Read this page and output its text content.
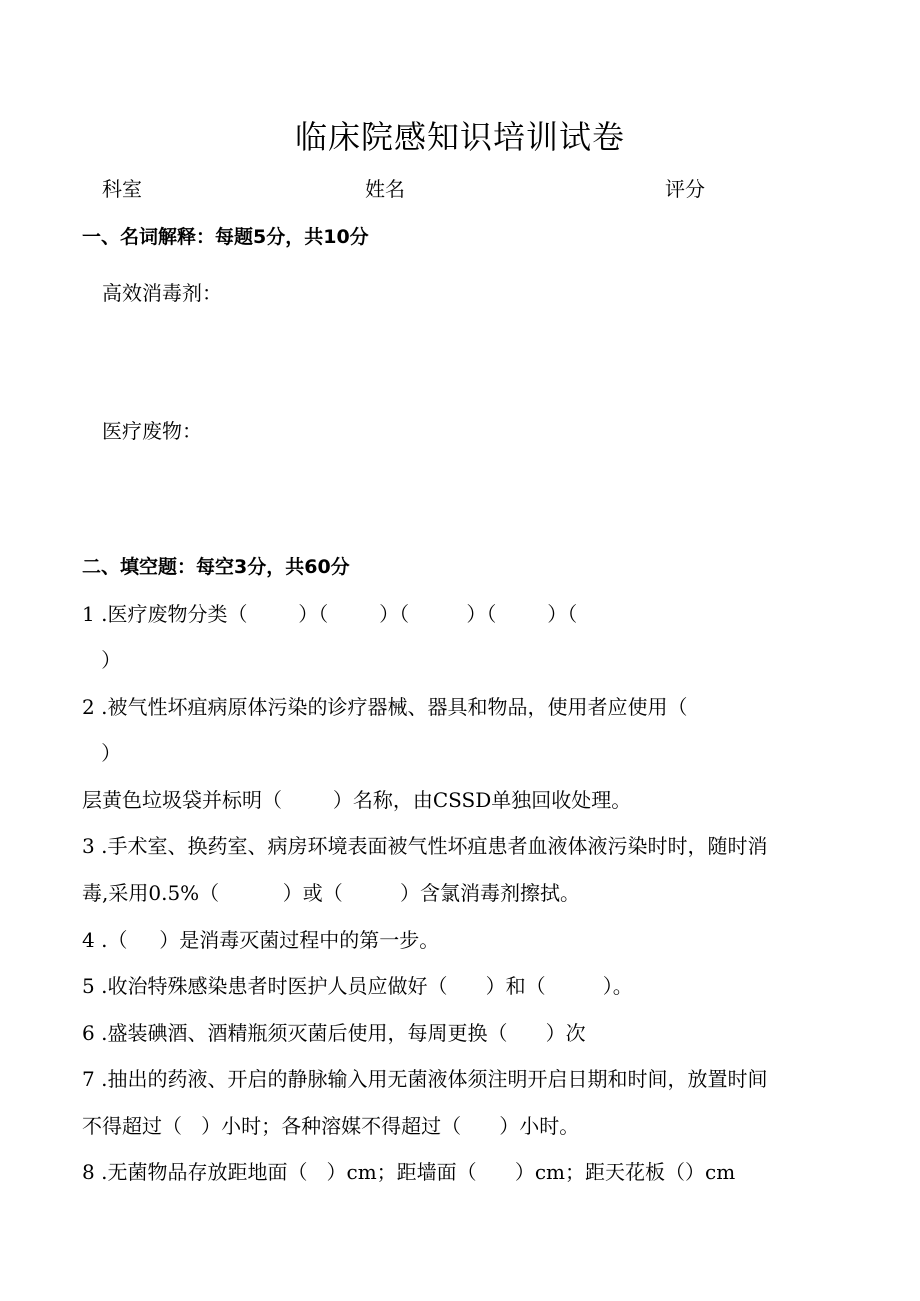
临床院感知识培训试卷
科室	姓名	评分
一、名词解释：每题5分，共10分
高效消毒剂：
医疗废物：
二、填空题：每空3分，共60分
1 .医疗废物分类（        ）（        ）（         ）（        ）（
）
2 .被气性坏疽病原体污染的诊疗器械、器具和物品，使用者应使用（
）
层黄色垃圾袋并标明（        ）名称，由CSSD单独回收处理。
3 .手术室、换药室、病房环境表面被气性坏疽患者血液体液污染时时，随时消
毒,采用0.5%（          ）或（         ）含氯消毒剂擦拭。
4 .（     ）是消毒灭菌过程中的第一步。
5 .收治特殊感染患者时医护人员应做好（      ）和（         ）。
6 .盛装碘酒、酒精瓶须灭菌后使用，每周更换（      ）次
7 .抽出的药液、开启的静脉输入用无菌液体须注明开启日期和时间，放置时间
不得超过（   ）小时；各种溶媒不得超过（      ）小时。
8 .无菌物品存放距地面（   ）cm；距墙面（      ）cm；距天花板（）cm
